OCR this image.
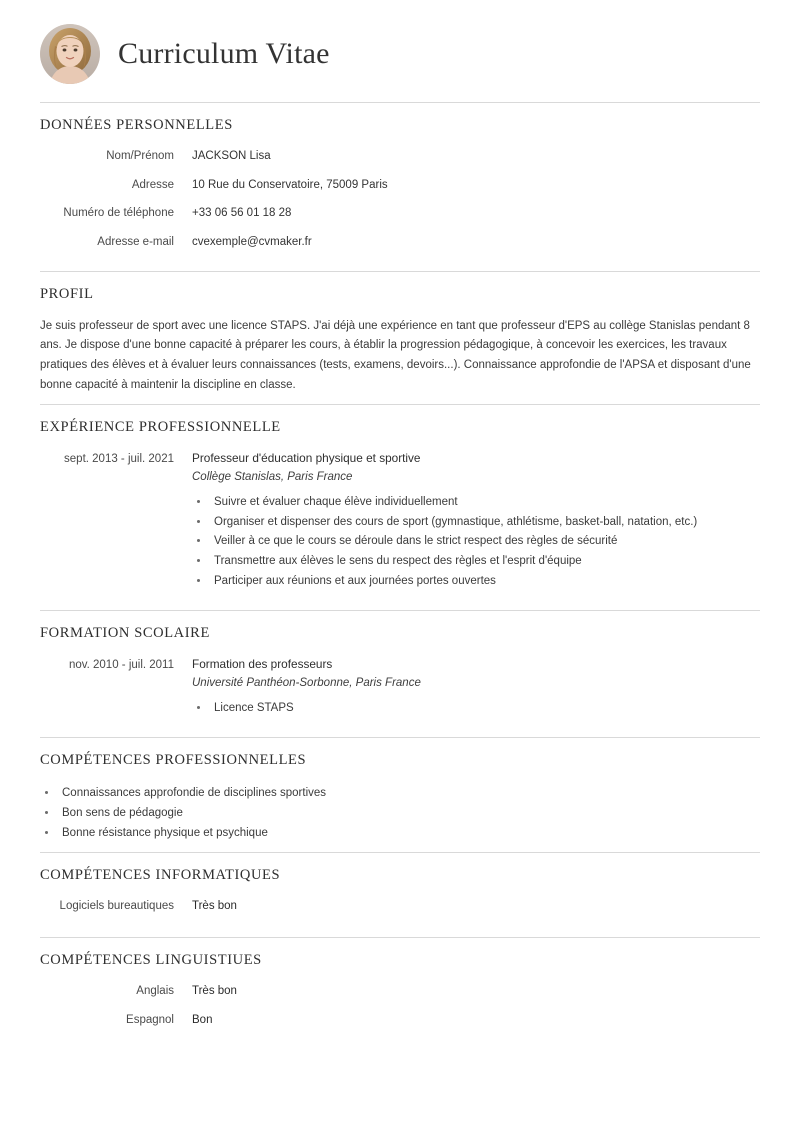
Curriculum Vitae
DONNÉES PERSONNELLES
Nom/Prénom	JACKSON Lisa
Adresse	10 Rue du Conservatoire, 75009 Paris
Numéro de téléphone	+33 06 56 01 18 28
Adresse e-mail	cvexemple@cvmaker.fr
PROFIL

Je suis professeur de sport avec une licence STAPS. J'ai déjà une expérience en tant que professeur d'EPS au collège Stanislas pendant 8 ans. Je dispose d'une bonne capacité à préparer les cours, à établir la progression pédagogique, à concevoir les exercices, les travaux pratiques des élèves et à évaluer leurs connaissances (tests, examens, devoirs...). Connaissance approfondie de l'APSA et disposant d'une bonne capacité à maintenir la discipline en classe.

EXPÉRIENCE PROFESSIONNELLE
sept. 2013 - juil. 2021	Professeur d'éducation physique et sportive
Collège Stanislas, Paris France
• Suivre et évaluer chaque élève individuellement
• Organiser et dispenser des cours de sport (gymnastique, athlétisme, basket-ball, natation, etc.)
• Veiller à ce que le cours se déroule dans le strict respect des règles de sécurité
• Transmettre aux élèves le sens du respect des règles et l'esprit d'équipe
• Participer aux réunions et aux journées portes ouvertes
FORMATION SCOLAIRE
nov. 2010 - juil. 2011	Formation des professeurs
Université Panthéon-Sorbonne, Paris France
• Licence STAPS
COMPÉTENCES PROFESSIONNELLES
• Connaissances approfondie de disciplines sportives
• Bon sens de pédagogie
• Bonne résistance physique et psychique
COMPÉTENCES INFORMATIQUES
Logiciels bureautiques	Très bon
COMPÉTENCES LINGUISTIUES
Anglais	Très bon
Espagnol	Bon
